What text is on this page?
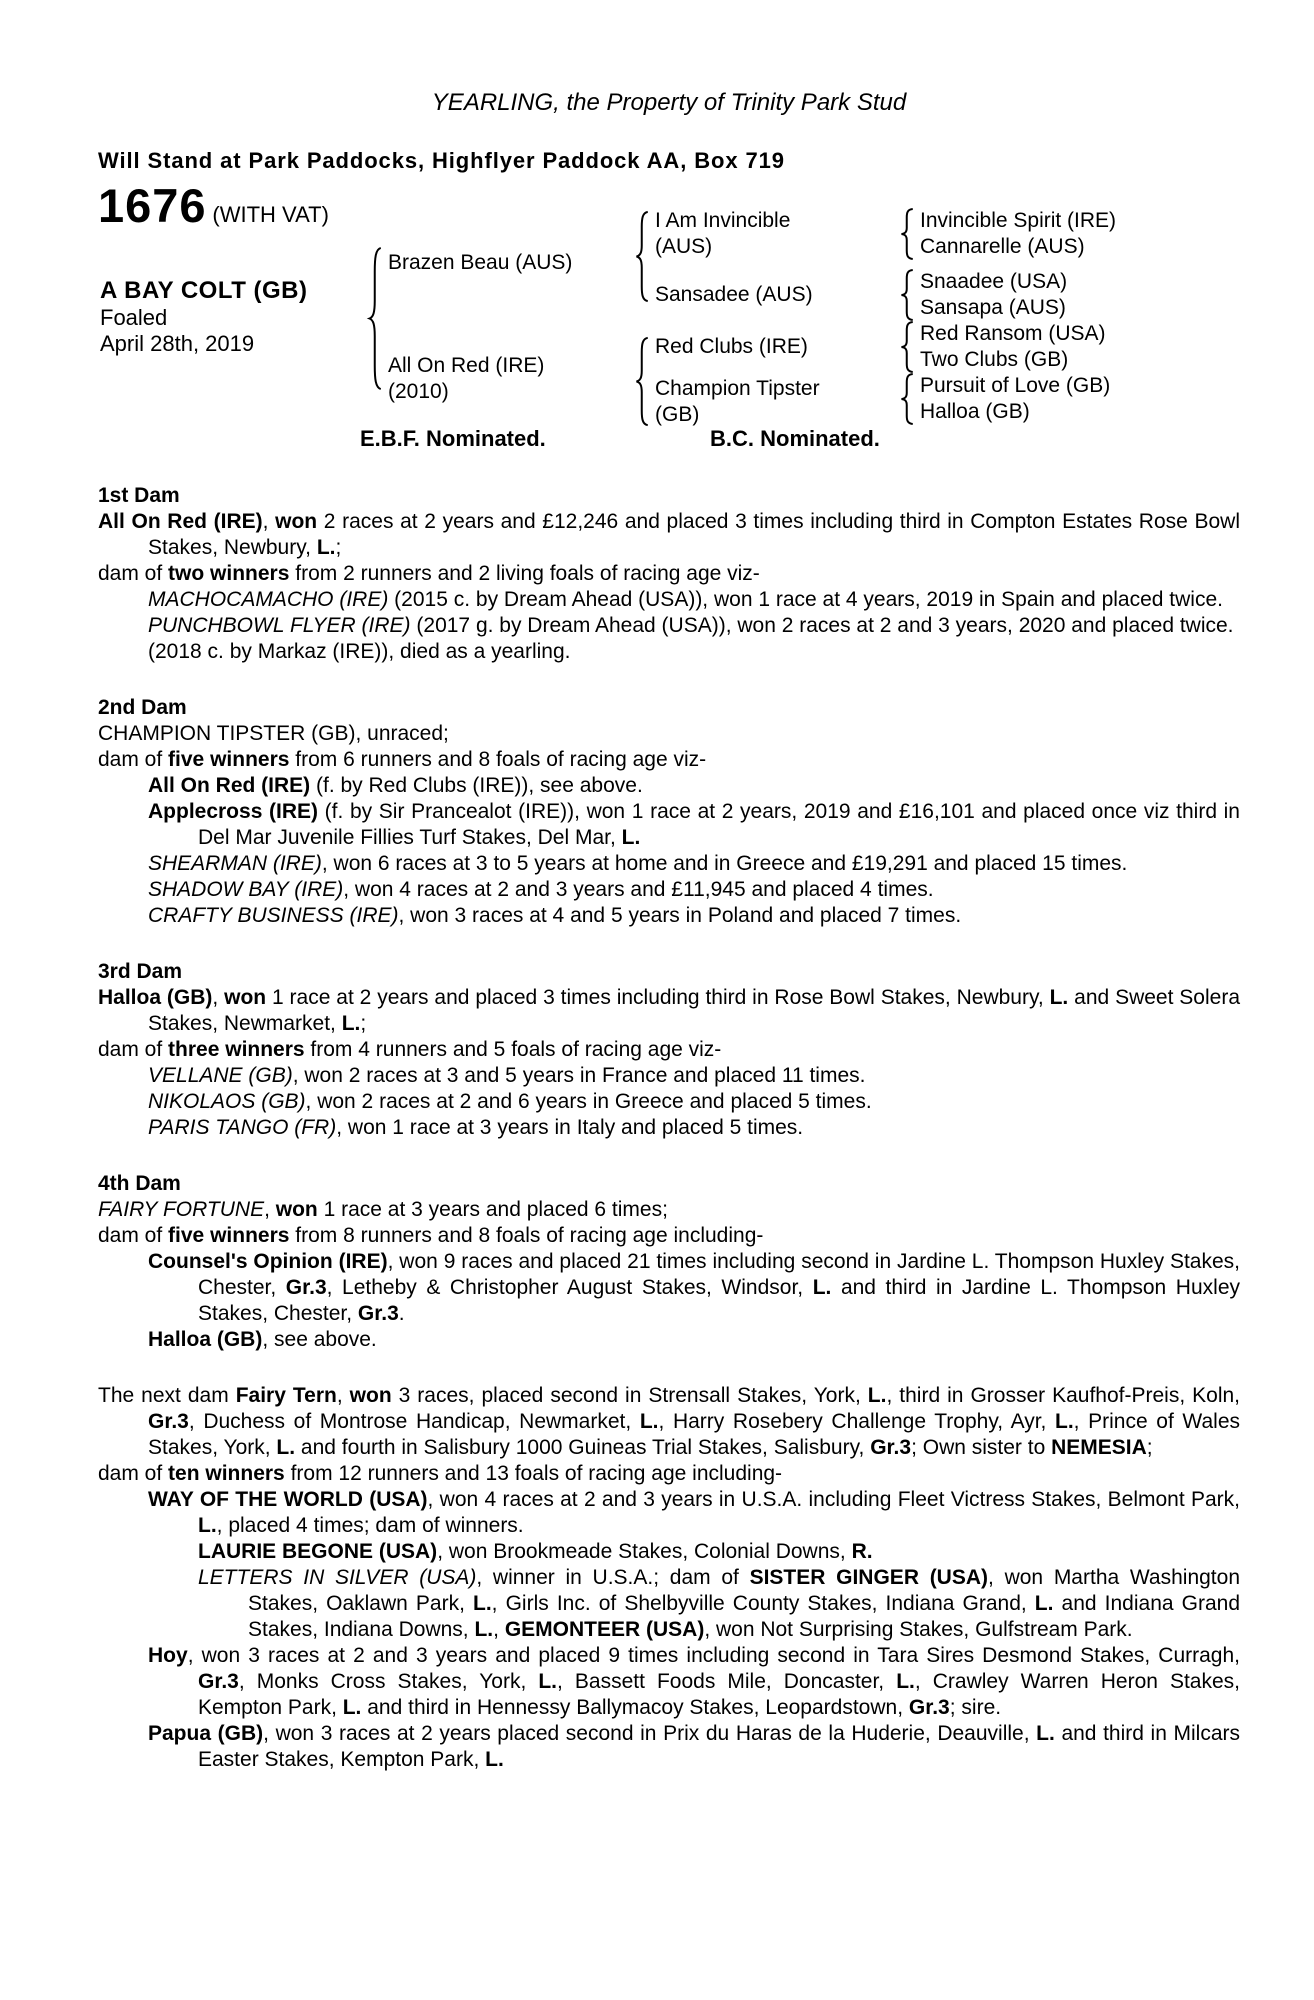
YEARLING, the Property of Trinity Park Stud
Will Stand at Park Paddocks, Highflyer Paddock AA, Box 719
1676 (WITH VAT)
A BAY COLT (GB)
Foaled
April 28th, 2019
Brazen Beau (AUS)
All On Red (IRE)
(2010)
I Am Invincible
(AUS)
Sansadee (AUS)
Red Clubs (IRE)
Champion Tipster
(GB)
Invincible Spirit (IRE)
Cannarelle (AUS)
Snaadee (USA)
Sansapa (AUS)
Red Ransom (USA)
Two Clubs (GB)
Pursuit of Love (GB)
Halloa (GB)
E.B.F. Nominated.	B.C. Nominated.
1st Dam

All On Red (IRE), won 2 races at 2 years and £12,246 and placed 3 times including third in Compton Estates Rose Bowl Stakes, Newbury, L.;

dam of two winners from 2 runners and 2 living foals of racing age viz-

MACHOCAMACHO (IRE) (2015 c. by Dream Ahead (USA)), won 1 race at 4 years, 2019 in Spain and placed twice.

PUNCHBOWL FLYER (IRE) (2017 g. by Dream Ahead (USA)), won 2 races at 2 and 3 years, 2020 and placed twice.

(2018 c. by Markaz (IRE)), died as a yearling.

2nd Dam

CHAMPION TIPSTER (GB), unraced;

dam of five winners from 6 runners and 8 foals of racing age viz-

All On Red (IRE) (f. by Red Clubs (IRE)), see above.

Applecross (IRE) (f. by Sir Prancealot (IRE)), won 1 race at 2 years, 2019 and £16,101 and placed once viz third in Del Mar Juvenile Fillies Turf Stakes, Del Mar, L.

SHEARMAN (IRE), won 6 races at 3 to 5 years at home and in Greece and £19,291 and placed 15 times.

SHADOW BAY (IRE), won 4 races at 2 and 3 years and £11,945 and placed 4 times.

CRAFTY BUSINESS (IRE), won 3 races at 4 and 5 years in Poland and placed 7 times.

3rd Dam

Halloa (GB), won 1 race at 2 years and placed 3 times including third in Rose Bowl Stakes, Newbury, L. and Sweet Solera Stakes, Newmarket, L.;

dam of three winners from 4 runners and 5 foals of racing age viz-

VELLANE (GB), won 2 races at 3 and 5 years in France and placed 11 times.

NIKOLAOS (GB), won 2 races at 2 and 6 years in Greece and placed 5 times.

PARIS TANGO (FR), won 1 race at 3 years in Italy and placed 5 times.

4th Dam

FAIRY FORTUNE, won 1 race at 3 years and placed 6 times;

dam of five winners from 8 runners and 8 foals of racing age including-

Counsel's Opinion (IRE), won 9 races and placed 21 times including second in Jardine L. Thompson Huxley Stakes, Chester, Gr.3, Letheby & Christopher August Stakes, Windsor, L. and third in Jardine L. Thompson Huxley Stakes, Chester, Gr.3.

Halloa (GB), see above.

The next dam Fairy Tern, won 3 races, placed second in Strensall Stakes, York, L., third in Grosser Kaufhof-Preis, Koln, Gr.3, Duchess of Montrose Handicap, Newmarket, L., Harry Rosebery Challenge Trophy, Ayr, L., Prince of Wales Stakes, York, L. and fourth in Salisbury 1000 Guineas Trial Stakes, Salisbury, Gr.3; Own sister to NEMESIA;

dam of ten winners from 12 runners and 13 foals of racing age including-

WAY OF THE WORLD (USA), won 4 races at 2 and 3 years in U.S.A. including Fleet Victress Stakes, Belmont Park, L., placed 4 times; dam of winners.

LAURIE BEGONE (USA), won Brookmeade Stakes, Colonial Downs, R.

LETTERS IN SILVER (USA), winner in U.S.A.; dam of SISTER GINGER (USA), won Martha Washington Stakes, Oaklawn Park, L., Girls Inc. of Shelbyville County Stakes, Indiana Grand, L. and Indiana Grand Stakes, Indiana Downs, L., GEMONTEER (USA), won Not Surprising Stakes, Gulfstream Park.

Hoy, won 3 races at 2 and 3 years and placed 9 times including second in Tara Sires Desmond Stakes, Curragh, Gr.3, Monks Cross Stakes, York, L., Bassett Foods Mile, Doncaster, L., Crawley Warren Heron Stakes, Kempton Park, L. and third in Hennessy Ballymacoy Stakes, Leopardstown, Gr.3; sire.

Papua (GB), won 3 races at 2 years placed second in Prix du Haras de la Huderie, Deauville, L. and third in Milcars Easter Stakes, Kempton Park, L.
